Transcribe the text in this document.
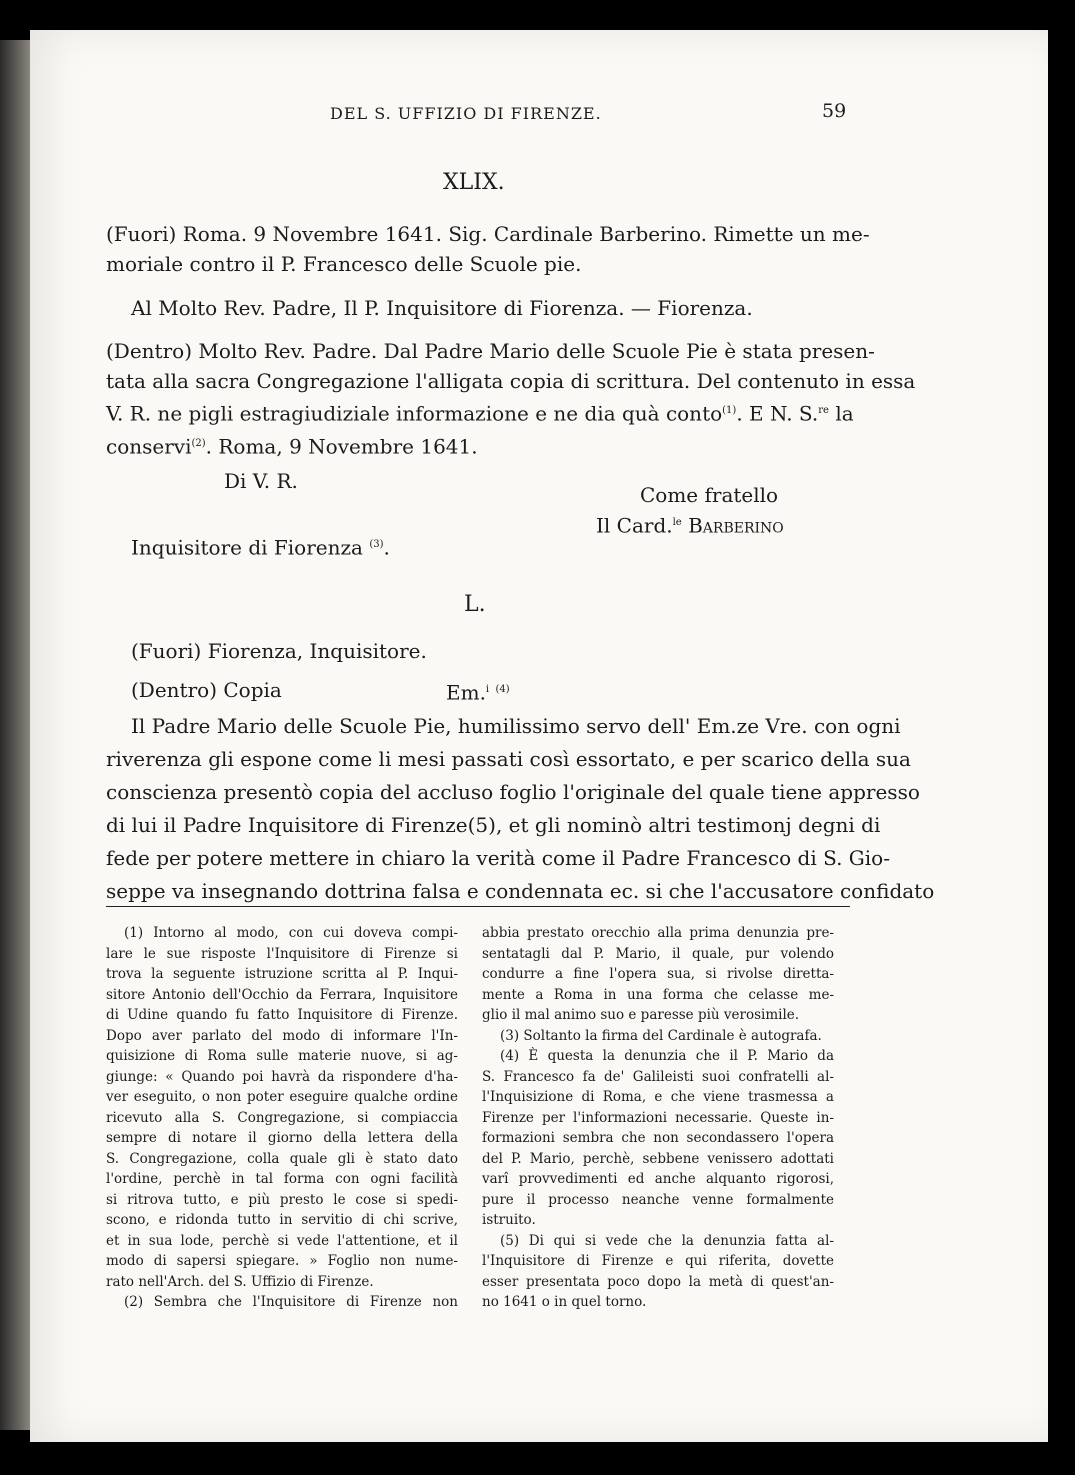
DEL S. UFFIZIO DI FIRENZE.	59
XLIX.
(Fuori) Roma. 9 Novembre 1641. Sig. Cardinale Barberino. Rimette un me-
moriale contro il P. Francesco delle Scuole pie.
Al Molto Rev. Padre, Il P. Inquisitore di Fiorenza. — Fiorenza.
(Dentro) Molto Rev. Padre. Dal Padre Mario delle Scuole Pie è stata presen-
tata alla sacra Congregazione l'alligata copia di scrittura. Del contenuto in essa
V. R. ne pigli estragiudiziale informazione e ne dia quà conto$^{(1)}$. E N. S.$^{re}$ la
conservi$^{(2)}$. Roma, 9 Novembre 1641.
Di V. R.
Come fratello
Il Card.$^{le}$ Barberino
Inquisitore di Fiorenza $^{(3)}$.
L.
(Fuori) Fiorenza, Inquisitore.
(Dentro) Copia	Em.$^i$ $^{(4)}$
Il Padre Mario delle Scuole Pie, humilissimo servo dell' Em.ze Vre. con ogni
riverenza gli espone come li mesi passati così essortato, e per scarico della sua
conscienza presentò copia del accluso foglio l'originale del quale tiene appresso
di lui il Padre Inquisitore di Firenze(5), et gli nominò altri testimonj degni di
fede per potere mettere in chiaro la verità come il Padre Francesco di S. Gio-
seppe va insegnando dottrina falsa e condennata ec. si che l'accusatore confidato
(1) Intorno al modo, con cui doveva compi-
lare le sue risposte l'Inquisitore di Firenze si
trova la seguente istruzione scritta al P. Inqui-
sitore Antonio dell'Occhio da Ferrara, Inquisitore
di Udine quando fu fatto Inquisitore di Firenze.
Dopo aver parlato del modo di informare l'In-
quisizione di Roma sulle materie nuove, si ag-
giunge: « Quando poi havrà da rispondere d'ha-
ver eseguito, o non poter eseguire qualche ordine
ricevuto alla S. Congregazione, si compiaccia
sempre di notare il giorno della lettera della
S. Congregazione, colla quale gli è stato dato
l'ordine, perchè in tal forma con ogni facilità
si ritrova tutto, e più presto le cose si spedi-
scono, e ridonda tutto in servitio di chi scrive,
et in sua lode, perchè si vede l'attentione, et il
modo di sapersi spiegare. » Foglio non nume-
rato nell'Arch. del S. Uffizio di Firenze.
(2) Sembra che l'Inquisitore di Firenze non
abbia prestato orecchio alla prima denunzia pre-
sentatagli dal P. Mario, il quale, pur volendo
condurre a fine l'opera sua, si rivolse diretta-
mente a Roma in una forma che celasse me-
glio il mal animo suo e paresse più verosimile.
(3) Soltanto la firma del Cardinale è autografa.
(4) È questa la denunzia che il P. Mario da
S. Francesco fa de' Galileisti suoi confratelli al-
l'Inquisizione di Roma, e che viene trasmessa a
Firenze per l'informazioni necessarie. Queste in-
formazioni sembra che non secondassero l'opera
del P. Mario, perchè, sebbene venissero adottati
varî provvedimenti ed anche alquanto rigorosi,
pure il processo neanche venne formalmente
istruito.
(5) Di qui si vede che la denunzia fatta al-
l'Inquisitore di Firenze e qui riferita, dovette
esser presentata poco dopo la metà di quest'an-
no 1641 o in quel torno.
